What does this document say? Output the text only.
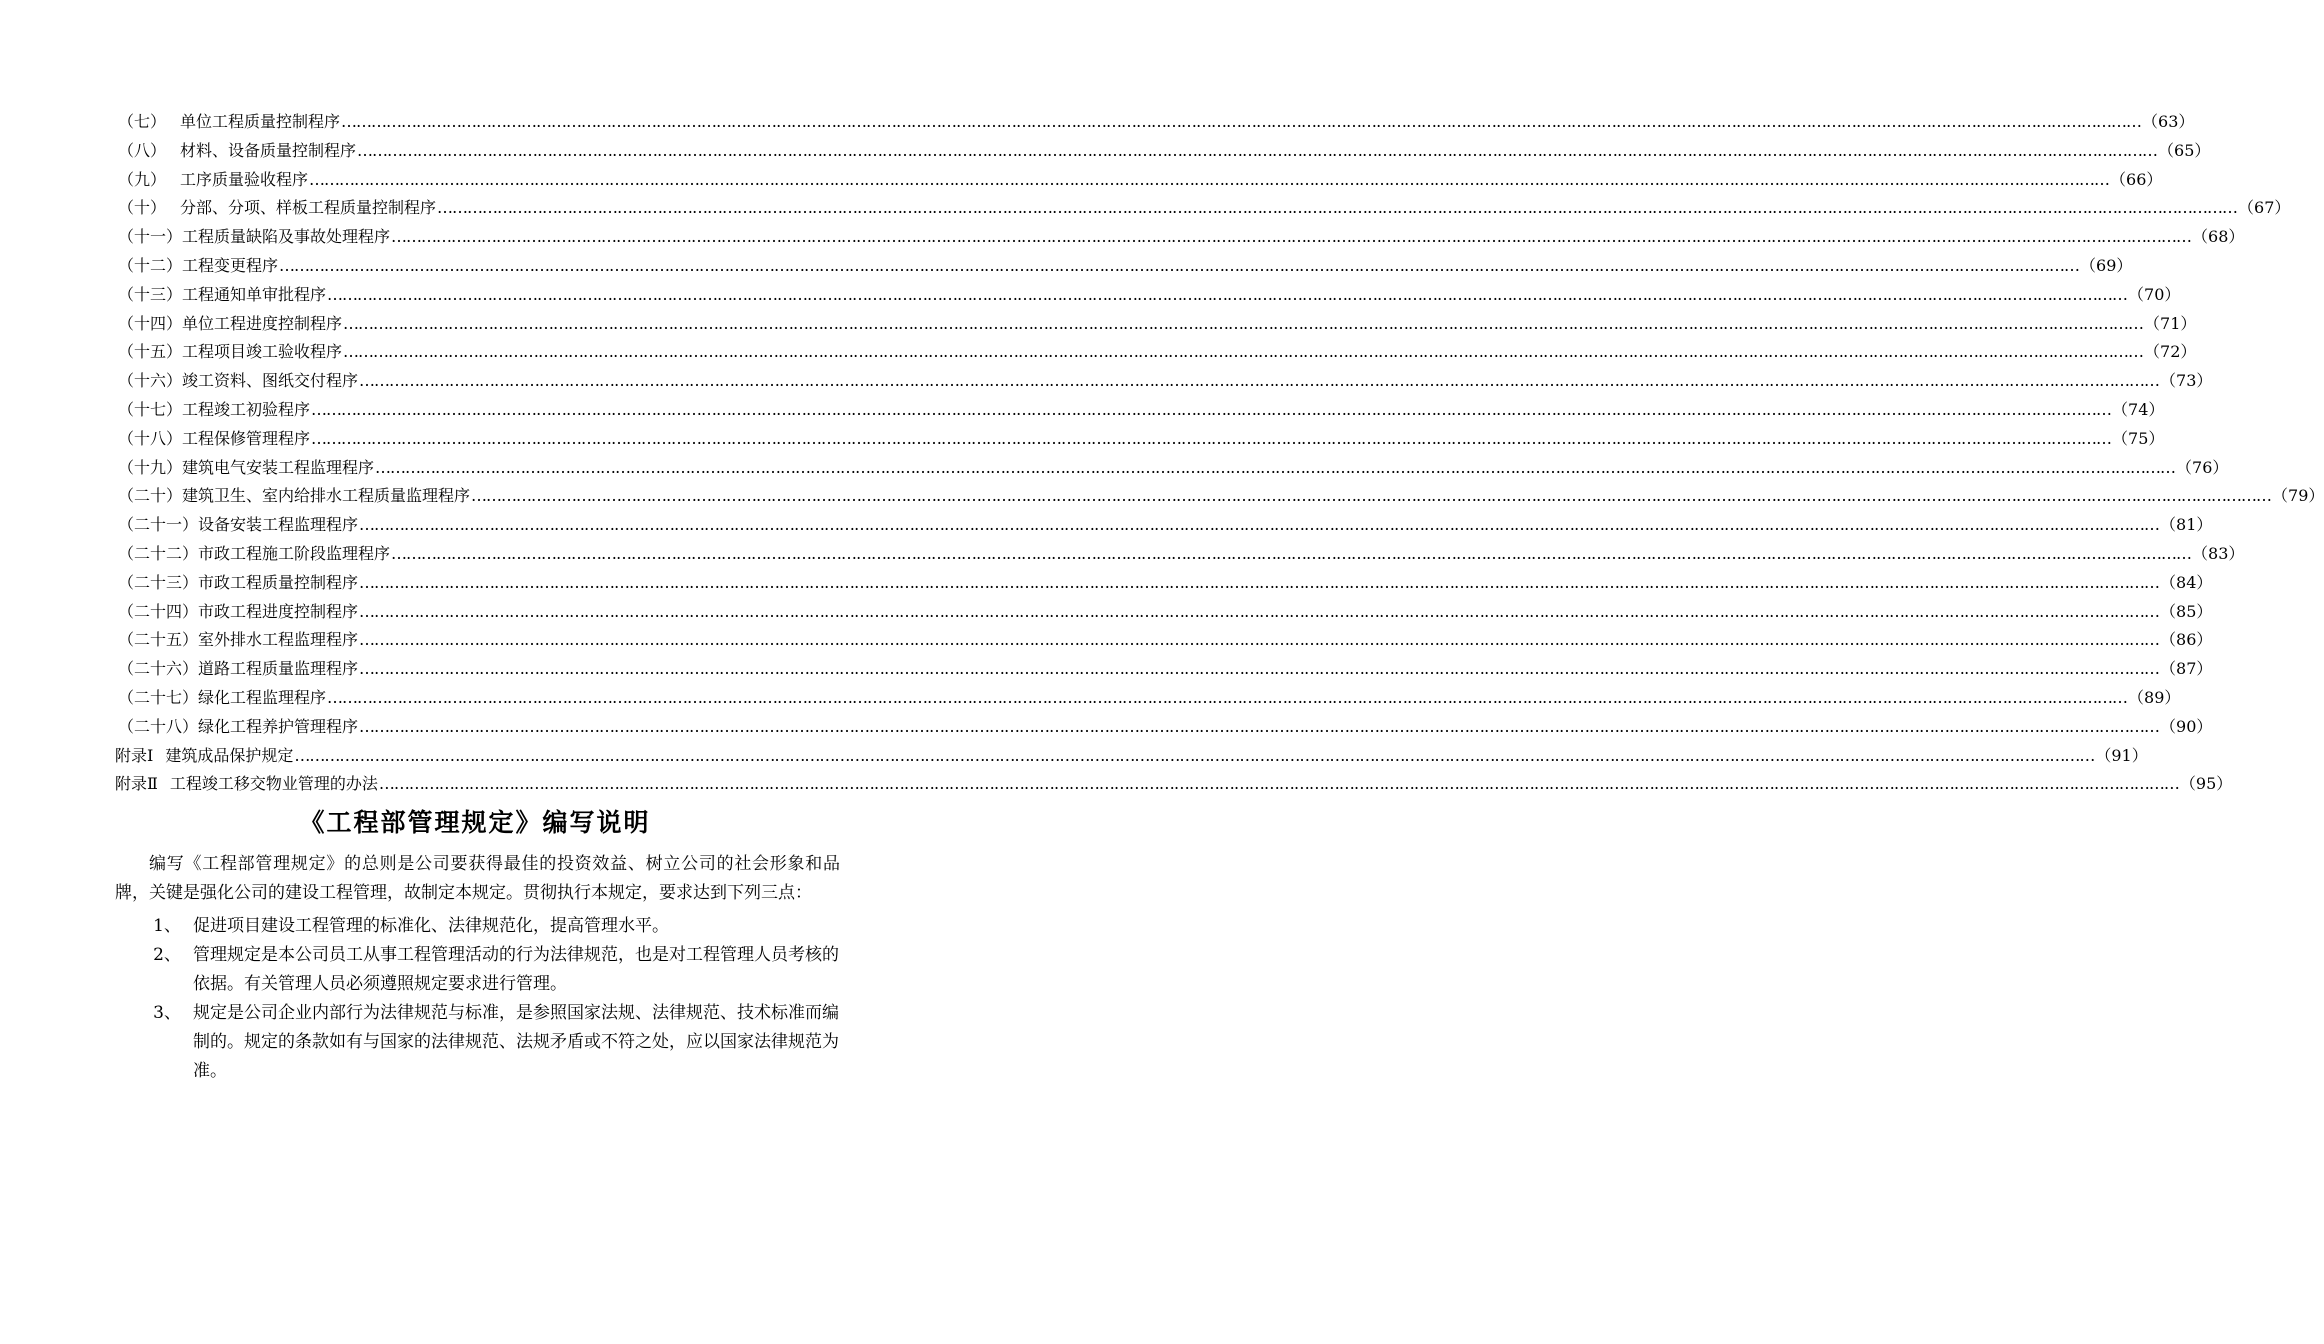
（七） 单位工程质量控制程序 ……………………………………………………………………………………………………………………………………………………………………………………………………………………………………………………………………………………………………………………………… （63）
（八） 材料、设备质量控制程序 ……………………………………………………………………………………………………………………………………………………………………………………………………………………………………………………………………………………………………………………………… （65）
（九） 工序质量验收程序 ……………………………………………………………………………………………………………………………………………………………………………………………………………………………………………………………………………………………………………………………… （66）
（十） 分部、分项、样板工程质量控制程序 ……………………………………………………………………………………………………………………………………………………………………………………………………………………………………………………………………………………………………………………………… （67）
（十一） 工程质量缺陷及事故处理程序 ……………………………………………………………………………………………………………………………………………………………………………………………………………………………………………………………………………………………………………………………… （68）
（十二） 工程变更程序 ……………………………………………………………………………………………………………………………………………………………………………………………………………………………………………………………………………………………………………………………… （69）
（十三） 工程通知单审批程序 ……………………………………………………………………………………………………………………………………………………………………………………………………………………………………………………………………………………………………………………………… （70）
（十四） 单位工程进度控制程序 ……………………………………………………………………………………………………………………………………………………………………………………………………………………………………………………………………………………………………………………………… （71）
（十五） 工程项目竣工验收程序 ……………………………………………………………………………………………………………………………………………………………………………………………………………………………………………………………………………………………………………………………… （72）
（十六） 竣工资料、图纸交付程序 ……………………………………………………………………………………………………………………………………………………………………………………………………………………………………………………………………………………………………………………………… （73）
（十七） 工程竣工初验程序 ……………………………………………………………………………………………………………………………………………………………………………………………………………………………………………………………………………………………………………………………… （74）
（十八） 工程保修管理程序 ……………………………………………………………………………………………………………………………………………………………………………………………………………………………………………………………………………………………………………………………… （75）
（十九） 建筑电气安装工程监理程序 ……………………………………………………………………………………………………………………………………………………………………………………………………………………………………………………………………………………………………………………………… （76）
（二十） 建筑卫生、室内给排水工程质量监理程序 ……………………………………………………………………………………………………………………………………………………………………………………………………………………………………………………………………………………………………………………………… （79）
（二十一） 设备安装工程监理程序 ……………………………………………………………………………………………………………………………………………………………………………………………………………………………………………………………………………………………………………………………… （81）
（二十二） 市政工程施工阶段监理程序 ……………………………………………………………………………………………………………………………………………………………………………………………………………………………………………………………………………………………………………………………… （83）
（二十三） 市政工程质量控制程序 ……………………………………………………………………………………………………………………………………………………………………………………………………………………………………………………………………………………………………………………………… （84）
（二十四） 市政工程进度控制程序 ……………………………………………………………………………………………………………………………………………………………………………………………………………………………………………………………………………………………………………………………… （85）
（二十五） 室外排水工程监理程序 ……………………………………………………………………………………………………………………………………………………………………………………………………………………………………………………………………………………………………………………………… （86）
（二十六） 道路工程质量监理程序 ……………………………………………………………………………………………………………………………………………………………………………………………………………………………………………………………………………………………………………………………… （87）
（二十七） 绿化工程监理程序 ……………………………………………………………………………………………………………………………………………………………………………………………………………………………………………………………………………………………………………………………… （89）
（二十八） 绿化工程养护管理程序 ……………………………………………………………………………………………………………………………………………………………………………………………………………………………………………………………………………………………………………………………… （90）
附录Ⅰ 建筑成品保护规定 ……………………………………………………………………………………………………………………………………………………………………………………………………………………………………………………………………………………………………………………………… （91）
附录Ⅱ 工程竣工移交物业管理的办法 ……………………………………………………………………………………………………………………………………………………………………………………………………………………………………………………………………………………………………………………………… （95）
《工程部管理规定》编写说明

编写《工程部管理规定》的总则是公司要获得最佳的投资效益、树立公司的社会形象和品牌，关键是强化公司的建设工程管理，故制定本规定。贯彻执行本规定，要求达到下列三点：

1、 促进项目建设工程管理的标准化、法律规范化，提高管理水平。
2、 管理规定是本公司员工从事工程管理活动的行为法律规范，也是对工程管理人员考核的依据。有关管理人员必须遵照规定要求进行管理。
3、 规定是公司企业内部行为法律规范与标准，是参照国家法规、法律规范、技术标准而编制的。规定的条款如有与国家的法律规范、法规矛盾或不符之处，应以国家法律规范为准。
